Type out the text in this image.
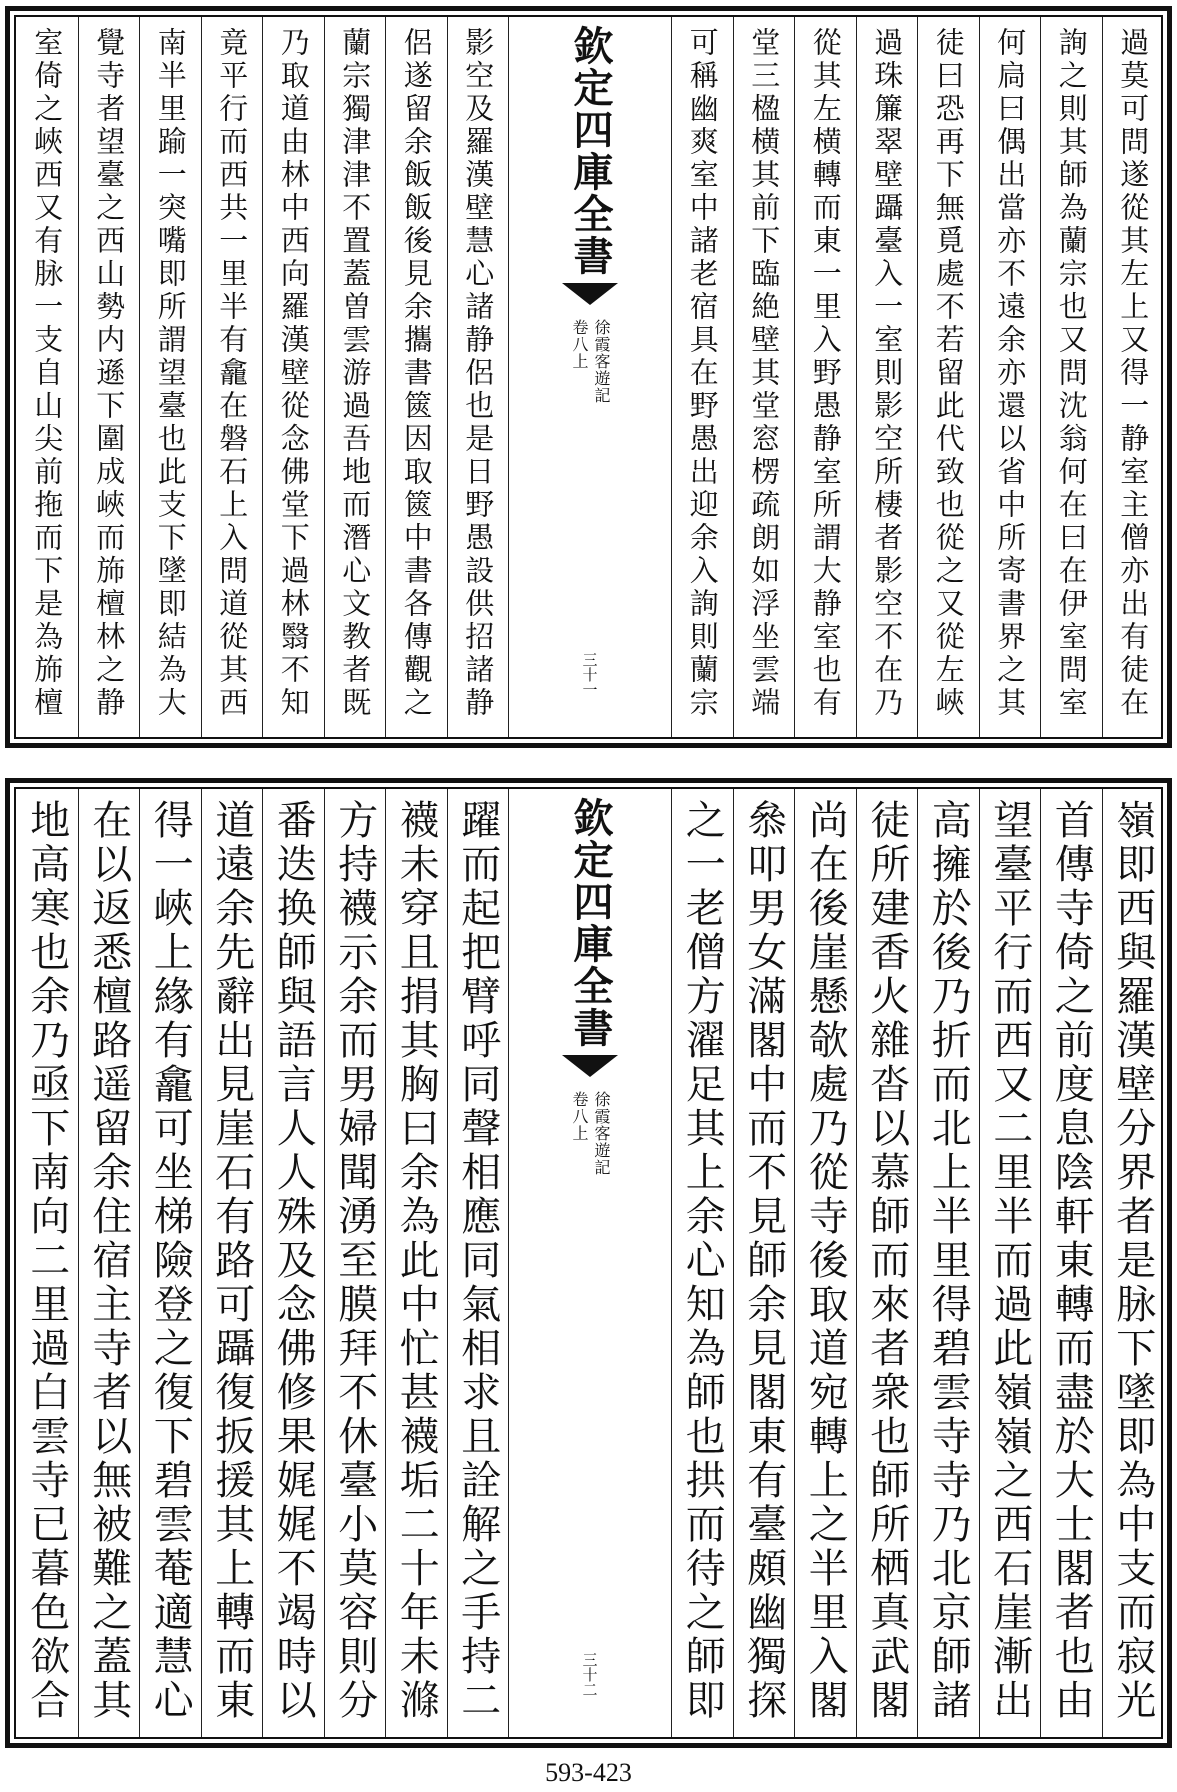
室倚之峽西又有脉一支自山尖前拖而下是為斾檀 覺寺者望臺之西山勢内遜下圍成峽而斾檀林之静 南半里踰一突嘴即所謂望臺也此支下墜即結為大 竟平行而西共一里半有龕在磐石上入問道從其西 乃取道由林中西向羅漢壁從念佛堂下過林翳不知 蘭宗獨津津不置蓋曽雲游過吾地而潛心文教者既 侶遂留余飯飯後見余攜書篋因取篋中書各傳觀之 影空及羅漢壁慧心諸静侶也是日野愚設供招諸静 欽定四庫全書
徐霞客遊記
卷八上
三十一	可稱幽爽室中諸老宿具在野愚出迎余入詢則蘭宗 堂三楹横其前下臨絶壁其堂窓楞疏朗如浮坐雲端 從其左横轉而東一里入野愚静室所謂大静室也有 過珠簾翠壁躡臺入一室則影空所棲者影空不在乃 徒曰恐再下無覓處不若留此代致也從之又從左峽 何扃曰偶出當亦不遠余亦還以省中所寄書界之其 詢之則其師為蘭宗也又問沈翁何在曰在伊室問室 過莫可問遂從其左上又得一静室主僧亦出有徒在
地高寒也余乃亟下南向二里過白雲寺已暮色欲合 在以返悉檀路遥留余住宿主寺者以無被難之蓋其 得一峽上緣有龕可坐梯險登之復下碧雲菴適慧心 道遠余先辭出見崖石有路可躡復扳援其上轉而東 番迭换師與語言人人殊及念佛修果娓娓不竭時以 方持襪示余而男婦聞湧至膜拜不休臺小莫容則分 襪未穿且捐其胸曰余為此中忙甚襪垢二十年未滌 躍而起把臂呼同聲相應同氣相求且詮解之手持二 欽定四庫全書
徐霞客遊記
卷八上
三十二 之一老僧方濯足其上余心知為師也拱而待之師即 叅叩男女滿閣中而不見師余見閣東有臺頗幽獨探 尚在後崖懸欹處乃從寺後取道宛轉上之半里入閣 徒所建香火雜沓以慕師而來者衆也師所栖真武閣 高擁於後乃折而北上半里得碧雲寺寺乃北京師諸 望臺平行而西又二里半而過此嶺嶺之西石崖漸出 首傳寺倚之前度息陰軒東轉而盡於大士閣者也由 嶺即西與羅漢壁分界者是脉下墜即為中支而寂光
593-423
